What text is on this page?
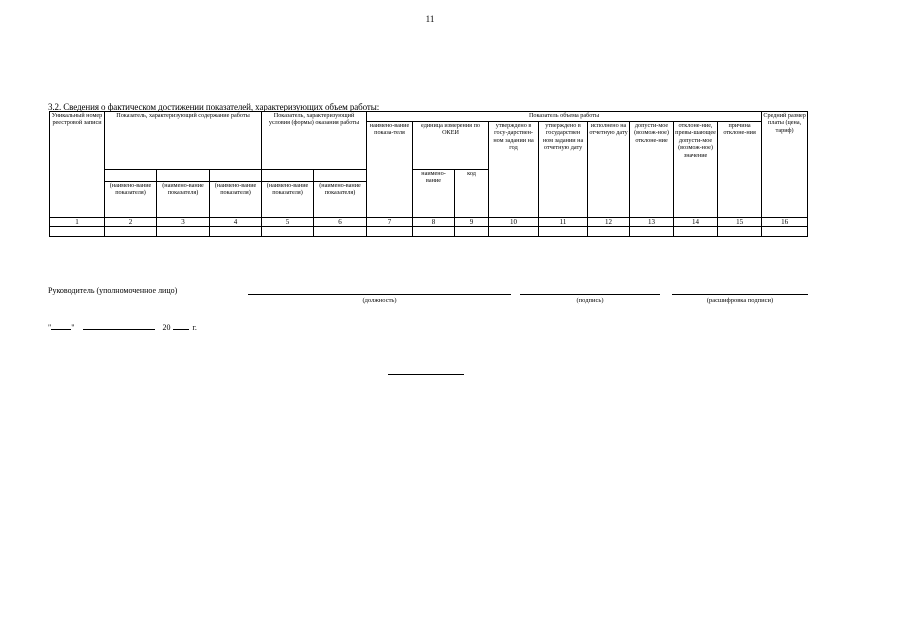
11
3.2. Сведения о фактическом достижении показателей, характеризующих объем работы:
Уникальный номер реестровой записи	Показатель, характеризующий содержание работы			Показатель, характеризующий условия (формы) оказания работы		Показатель объема работы									Средний размер платы (цена, тариф)
						наимено-вание показа-теля	единица измерения по ОКЕИ		утверждено в госу-дарствен-ном задании на год	утверждено в государствен ном задании на отчетную дату	исполнено на отчетную дату	допусти-мое (возмож-ное) отклоне-ние	отклоне-ние, превы-шающее допусти-мое (возмож-ное) значение	причина отклоне-ния	
							наимено-вание	код							
	(наимено-вание показателя)	(наимено-вание показателя)	(наимено-вание показателя)	(наимено-вание показателя)	(наимено-вание показателя)										
1	2	3	4	5	6	7	8	9	10	11	12	13	14	15	16

Руководитель (уполномоченное лицо)
(должность)	(подпись)	(расшифровка подписи)
"	"	20	г.
